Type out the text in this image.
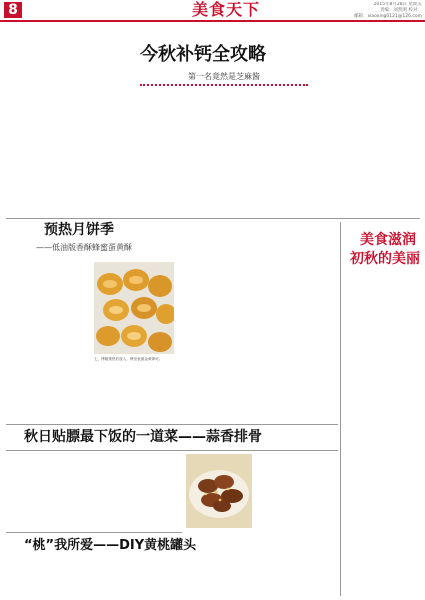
8	美食天下	2015年8月28日 星期五
责编：刘凯明 校对：
邮箱：xiaoxing0121@126.com
今秋补钙全攻略
第一名竟然是芝麻酱
预热月饼季
——低油版香酥蜂蜜蛋黄酥
七、烤箱预热后放入，烤至表面金黄即可。
美食滋润
初秋的美丽
秋日贴膘最下饭的一道菜——蒜香排骨
“桃”我所爱——DIY黄桃罐头
